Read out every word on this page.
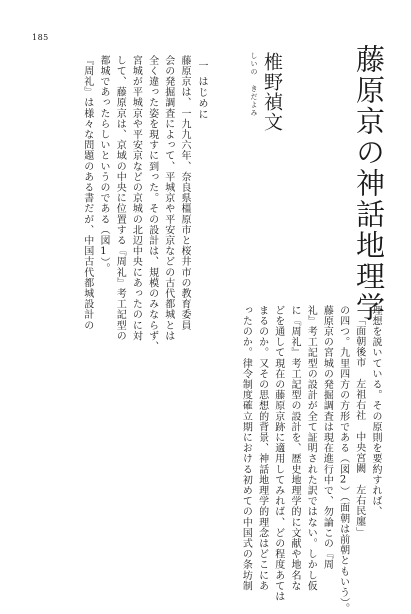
185
藤原京の神話地理学
しいの きだよみ 椎野禎文
一はじめに
藤原京は、一九九六年、奈良県橿原市と桜井市の教育委員
会の発掘調査によって、平城京や平安京などの古代都城とは
全く違った姿を現すに到った。その設計は、規模のみならず、
宮城が平城京や平安京などの京城の北辺中央にあったのに対
して、藤原京は、京域の中央に位置する『周礼』考工記型の
都城であったらしいというのである（図1）。
『周礼』は様々な問題のある書だが、中国古代都城設計の
理想を説いている。その原則を要約すれば、
「面朝後市　左祖右社　中央宮闕　左右民廛」
の四つ。九里四方の方形である（図2）（面朝は前朝ともいう）。
藤原京の宮城の発掘調査は現在進行中で、勿論この『周
礼』考工記型の設計が全て証明された訳ではない。しかし仮
に『周礼』考工記型の設計を、歴史地理学的に文献や地名な
どを通して現在の藤原京跡に適用してみれば、どの程度あては
まるのか。又その思想的背景、神話地理学的理念はどこにあ
ったのか。律令制度確立期における初めての中国式の条坊制
